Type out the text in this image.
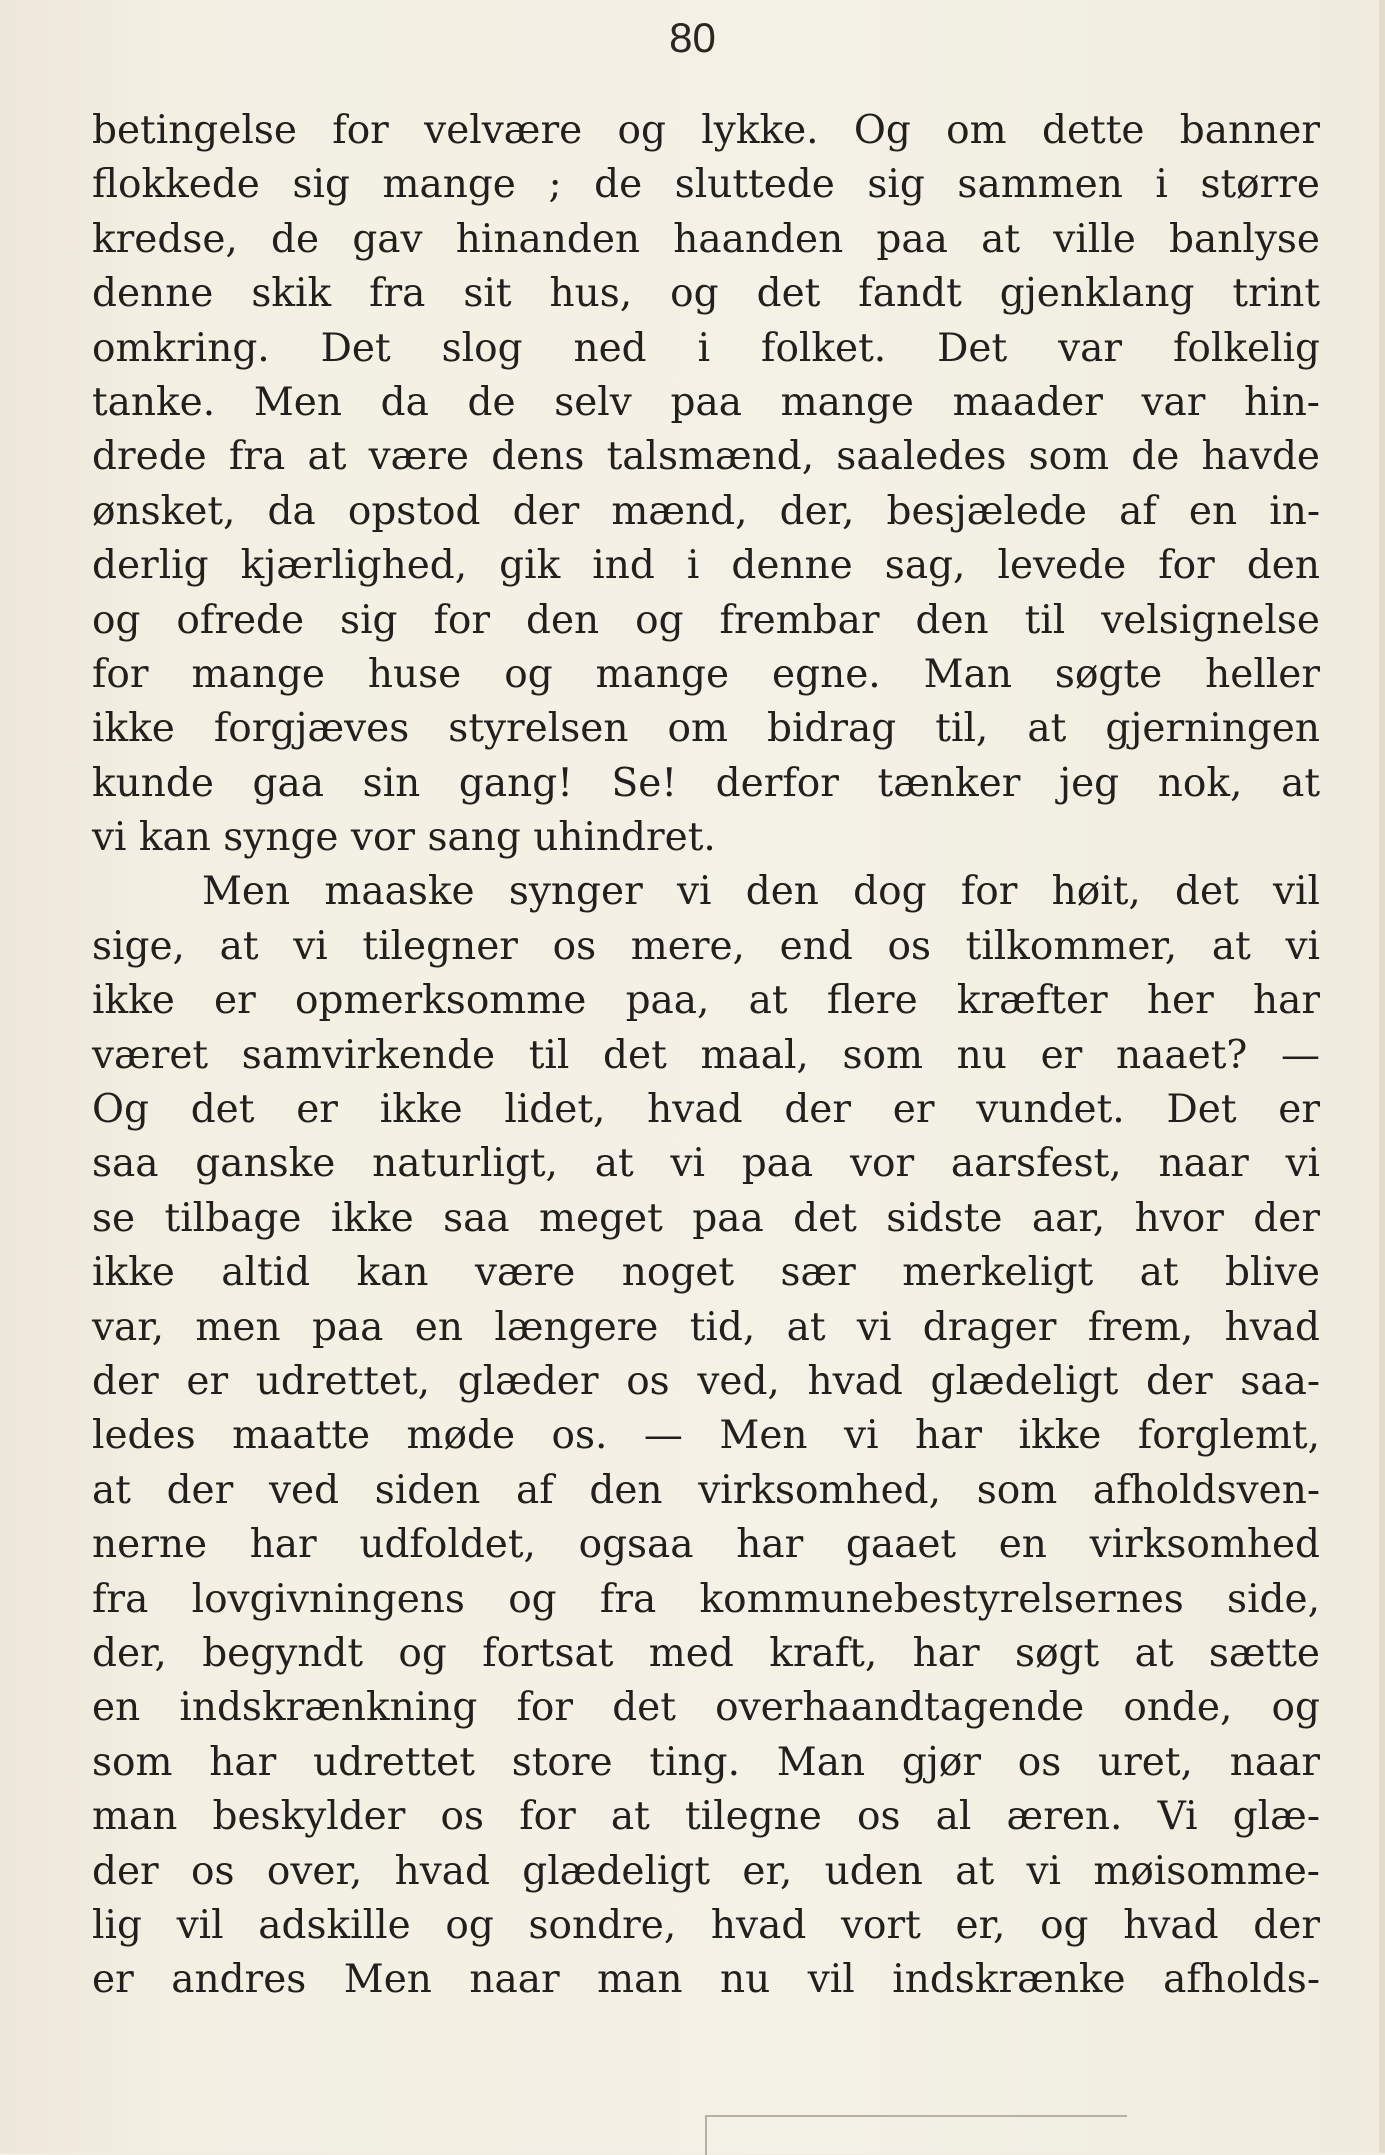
80
betingelse for velvære og lykke. Og om dette banner
flokkede sig mange ; de sluttede sig sammen i større
kredse, de gav hinanden haanden paa at ville banlyse
denne skik fra sit hus, og det fandt gjenklang trint
omkring. Det slog ned i folket. Det var folkelig
tanke. Men da de selv paa mange maader var hin-
drede fra at være dens talsmænd, saaledes som de havde
ønsket, da opstod der mænd, der, besjælede af en in-
derlig kjærlighed, gik ind i denne sag, levede for den
og ofrede sig for den og frembar den til velsignelse
for mange huse og mange egne. Man søgte heller
ikke forgjæves styrelsen om bidrag til, at gjerningen
kunde gaa sin gang! Se! derfor tænker jeg nok, at
vi kan synge vor sang uhindret.
Men maaske synger vi den dog for høit, det vil
sige, at vi tilegner os mere, end os tilkommer, at vi
ikke er opmerksomme paa, at flere kræfter her har
været samvirkende til det maal, som nu er naaet? —
Og det er ikke lidet, hvad der er vundet. Det er
saa ganske naturligt, at vi paa vor aarsfest, naar vi
se tilbage ikke saa meget paa det sidste aar, hvor der
ikke altid kan være noget sær merkeligt at blive
var, men paa en længere tid, at vi drager frem, hvad
der er udrettet, glæder os ved, hvad glædeligt der saa-
ledes maatte møde os. — Men vi har ikke forglemt,
at der ved siden af den virksomhed, som afholdsven-
nerne har udfoldet, ogsaa har gaaet en virksomhed
fra lovgivningens og fra kommunebestyrelsernes side,
der, begyndt og fortsat med kraft, har søgt at sætte
en indskrænkning for det overhaandtagende onde, og
som har udrettet store ting. Man gjør os uret, naar
man beskylder os for at tilegne os al æren. Vi glæ-
der os over, hvad glædeligt er, uden at vi møisomme-
lig vil adskille og sondre, hvad vort er, og hvad der
er andres Men naar man nu vil indskrænke afholds-
